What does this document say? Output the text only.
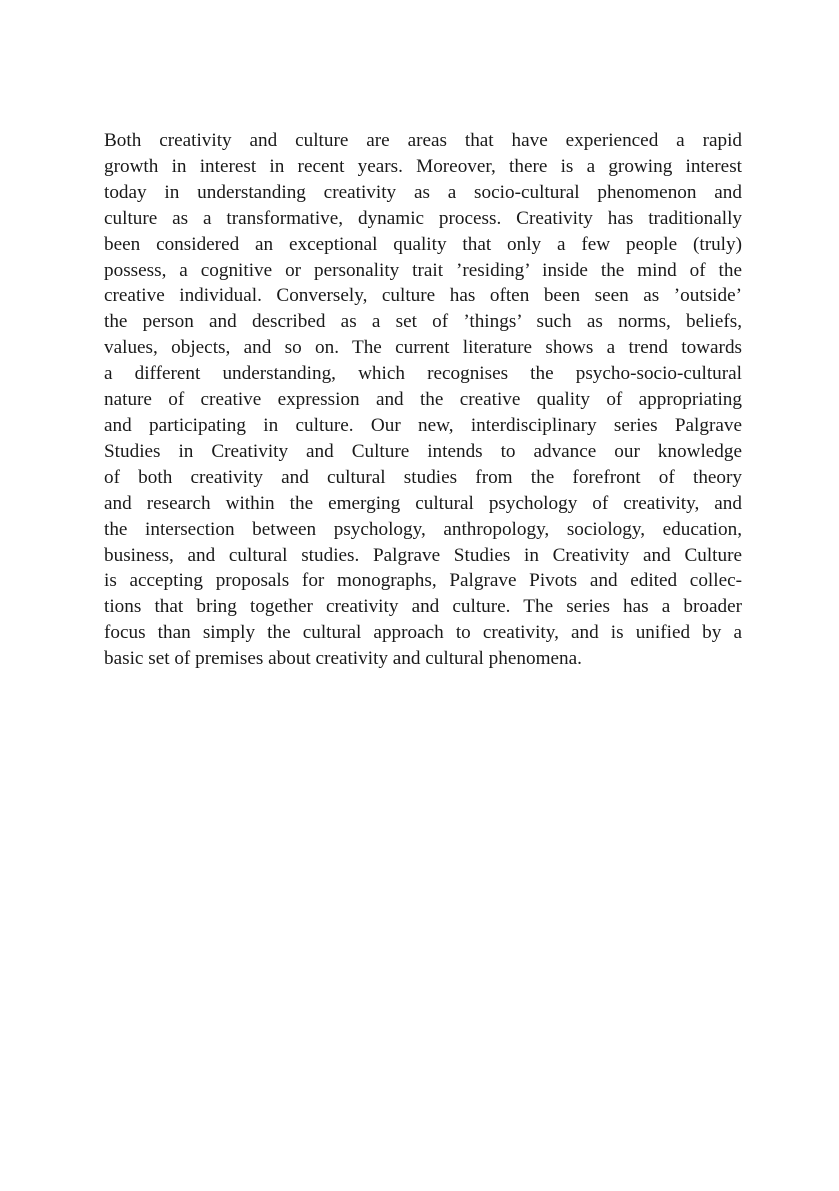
Both creativity and culture are areas that have experienced a rapid
growth in interest in recent years. Moreover, there is a growing interest
today in understanding creativity as a socio-cultural phenomenon and
culture as a transformative, dynamic process. Creativity has traditionally
been considered an exceptional quality that only a few people (truly)
possess, a cognitive or personality trait ’residing’ inside the mind of the
creative individual. Conversely, culture has often been seen as ’outside’
the person and described as a set of ’things’ such as norms, beliefs,
values, objects, and so on. The current literature shows a trend towards
a different understanding, which recognises the psycho-socio-cultural
nature of creative expression and the creative quality of appropriating
and participating in culture. Our new, interdisciplinary series Palgrave
Studies in Creativity and Culture intends to advance our knowledge
of both creativity and cultural studies from the forefront of theory
and research within the emerging cultural psychology of creativity, and
the intersection between psychology, anthropology, sociology, education,
business, and cultural studies. Palgrave Studies in Creativity and Culture
is accepting proposals for monographs, Palgrave Pivots and edited collec-
tions that bring together creativity and culture. The series has a broader
focus than simply the cultural approach to creativity, and is unified by a
basic set of premises about creativity and cultural phenomena.
